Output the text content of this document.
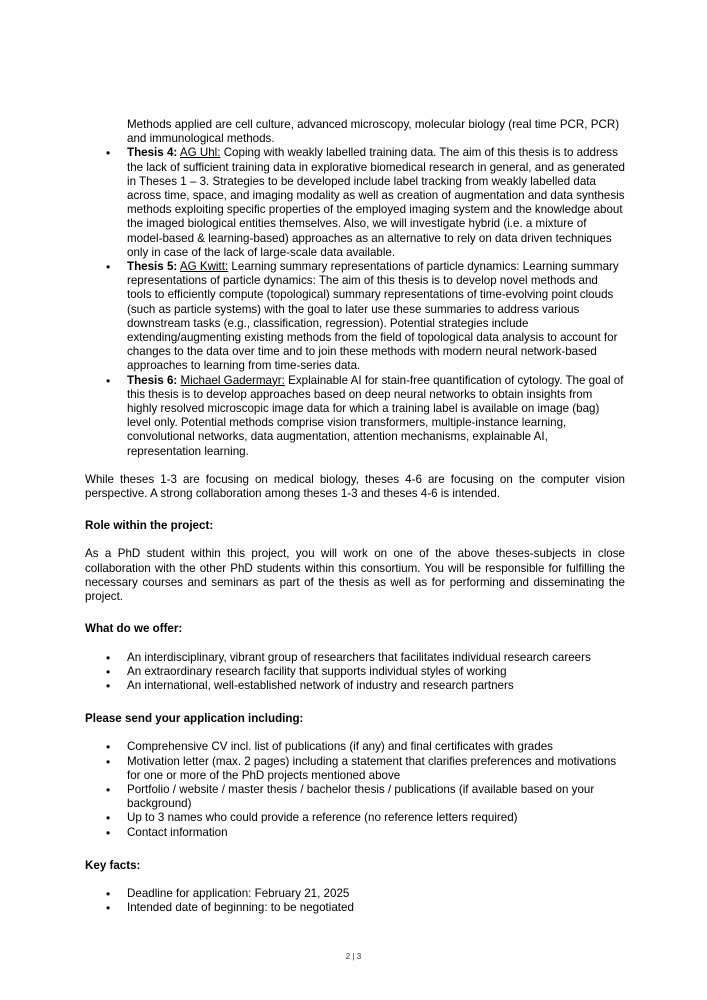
Methods applied are cell culture, advanced microscopy, molecular biology (real time PCR, PCR) and immunological methods.

• Thesis 4: AG Uhl: Coping with weakly labelled training data. The aim of this thesis is to address the lack of sufficient training data in explorative biomedical research in general, and as generated in Theses 1 – 3. Strategies to be developed include label tracking from weakly labelled data across time, space, and imaging modality as well as creation of augmentation and data synthesis methods exploiting specific properties of the employed imaging system and the knowledge about the imaged biological entities themselves. Also, we will investigate hybrid (i.e. a mixture of model-based & learning-based) approaches as an alternative to rely on data driven techniques only in case of the lack of large-scale data available.
• Thesis 5: AG Kwitt: Learning summary representations of particle dynamics: Learning summary representations of particle dynamics: The aim of this thesis is to develop novel methods and tools to efficiently compute (topological) summary representations of time-evolving point clouds (such as particle systems) with the goal to later use these summaries to address various downstream tasks (e.g., classification, regression). Potential strategies include extending/augmenting existing methods from the field of topological data analysis to account for changes to the data over time and to join these methods with modern neural network-based approaches to learning from time-series data.
• Thesis 6: Michael Gadermayr: Explainable AI for stain-free quantification of cytology. The goal of this thesis is to develop approaches based on deep neural networks to obtain insights from highly resolved microscopic image data for which a training label is available on image (bag) level only. Potential methods comprise vision transformers, multiple-instance learning, convolutional networks, data augmentation, attention mechanisms, explainable AI, representation learning.

While theses 1-3 are focusing on medical biology, theses 4-6 are focusing on the computer vision perspective. A strong collaboration among theses 1-3 and theses 4-6 is intended.

Role within the project:

As a PhD student within this project, you will work on one of the above theses-subjects in close collaboration with the other PhD students within this consortium. You will be responsible for fulfilling the necessary courses and seminars as part of the thesis as well as for performing and disseminating the project.

What do we offer:
• An interdisciplinary, vibrant group of researchers that facilitates individual research careers
• An extraordinary research facility that supports individual styles of working
• An international, well-established network of industry and research partners
Please send your application including:
• Comprehensive CV incl. list of publications (if any) and final certificates with grades
• Motivation letter (max. 2 pages) including a statement that clarifies preferences and motivations for one or more of the PhD projects mentioned above
• Portfolio / website / master thesis / bachelor thesis / publications (if available based on your background)
• Up to 3 names who could provide a reference (no reference letters required)
• Contact information
Key facts:
• Deadline for application: February 21, 2025
• Intended date of beginning: to be negotiated
2 | 3
